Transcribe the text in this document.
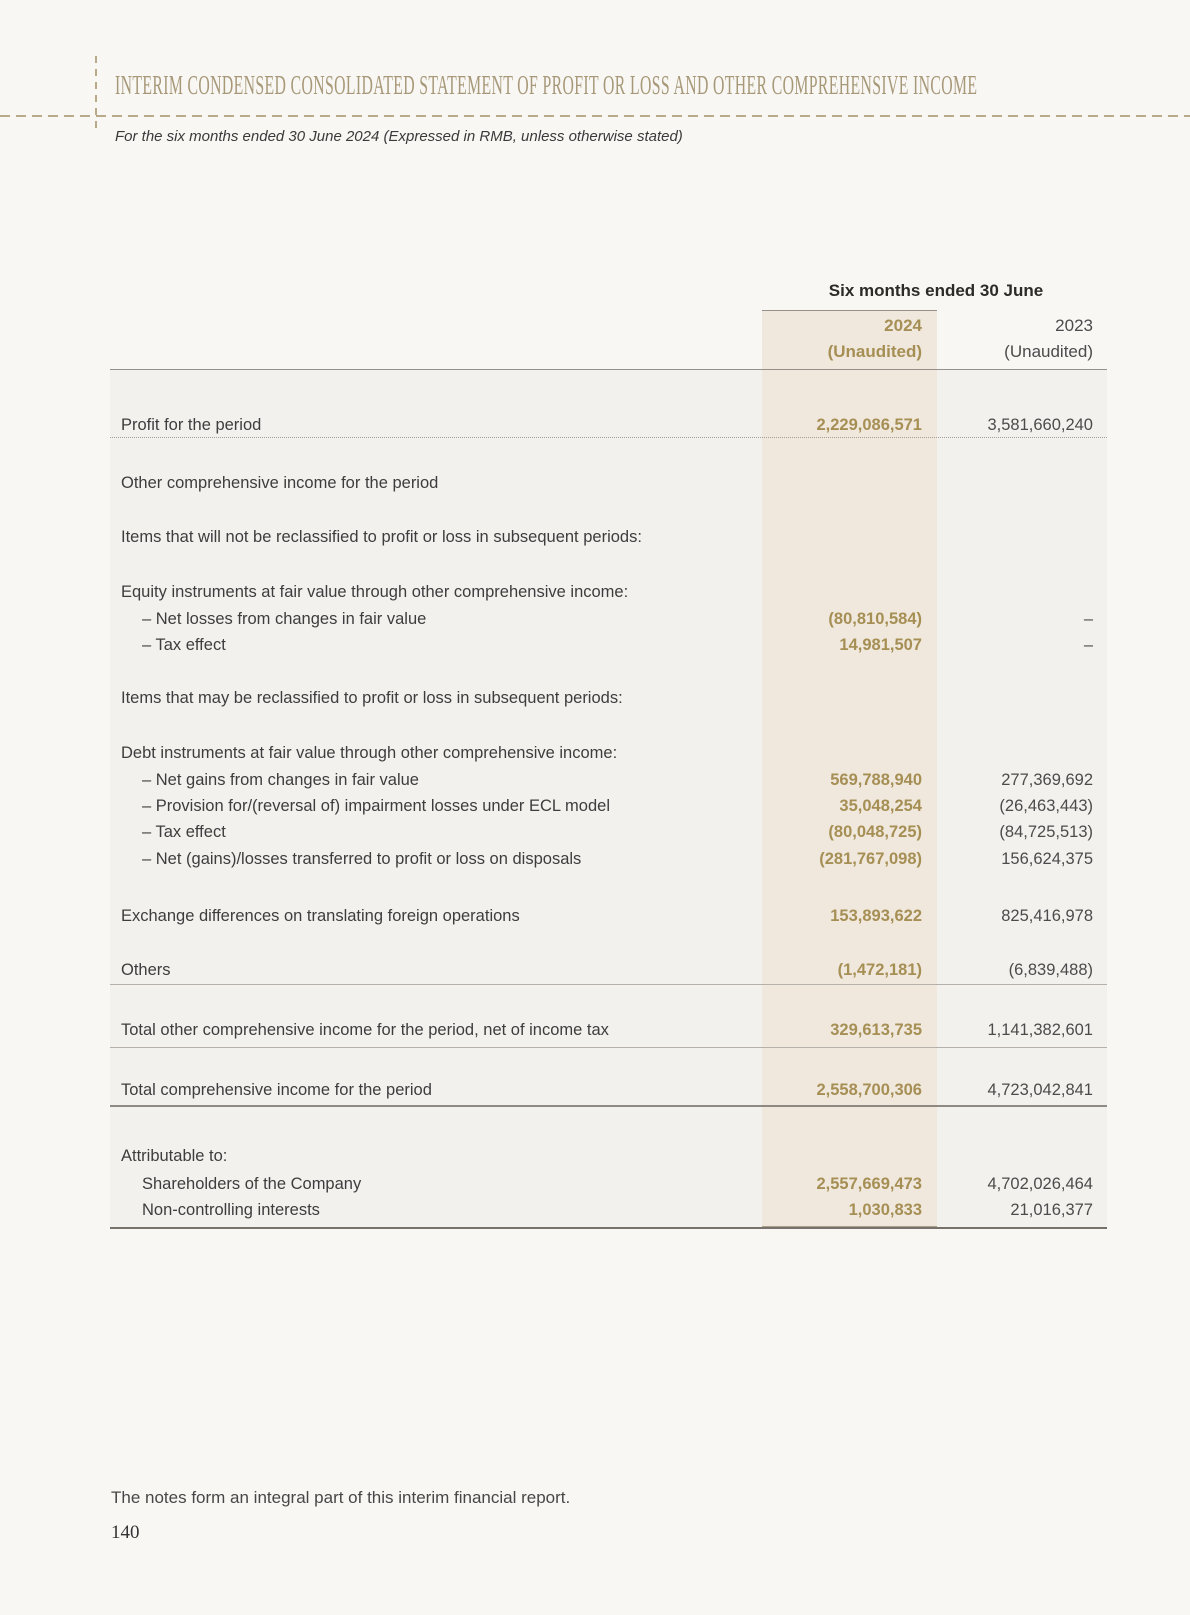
INTERIM CONDENSED CONSOLIDATED STATEMENT OF PROFIT OR LOSS AND OTHER COMPREHENSIVE INCOME
For the six months ended 30 June 2024 (Expressed in RMB, unless otherwise stated)
Six months ended 30 June
2024
(Unaudited)
2023
(Unaudited)
Profit for the period	2,229,086,571	3,581,660,240
Other comprehensive income for the period
Items that will not be reclassified to profit or loss in subsequent periods:
Equity instruments at fair value through other comprehensive income:
– Net losses from changes in fair value	(80,810,584)	–
– Tax effect	14,981,507	–
Items that may be reclassified to profit or loss in subsequent periods:
Debt instruments at fair value through other comprehensive income:
– Net gains from changes in fair value	569,788,940	277,369,692
– Provision for/(reversal of) impairment losses under ECL model	35,048,254	(26,463,443)
– Tax effect	(80,048,725)	(84,725,513)
– Net (gains)/losses transferred to profit or loss on disposals	(281,767,098)	156,624,375
Exchange differences on translating foreign operations	153,893,622	825,416,978
Others	(1,472,181)	(6,839,488)
Total other comprehensive income for the period, net of income tax	329,613,735	1,141,382,601
Total comprehensive income for the period	2,558,700,306	4,723,042,841
Attributable to:
Shareholders of the Company	2,557,669,473	4,702,026,464
Non-controlling interests	1,030,833	21,016,377
The notes form an integral part of this interim financial report.
140
